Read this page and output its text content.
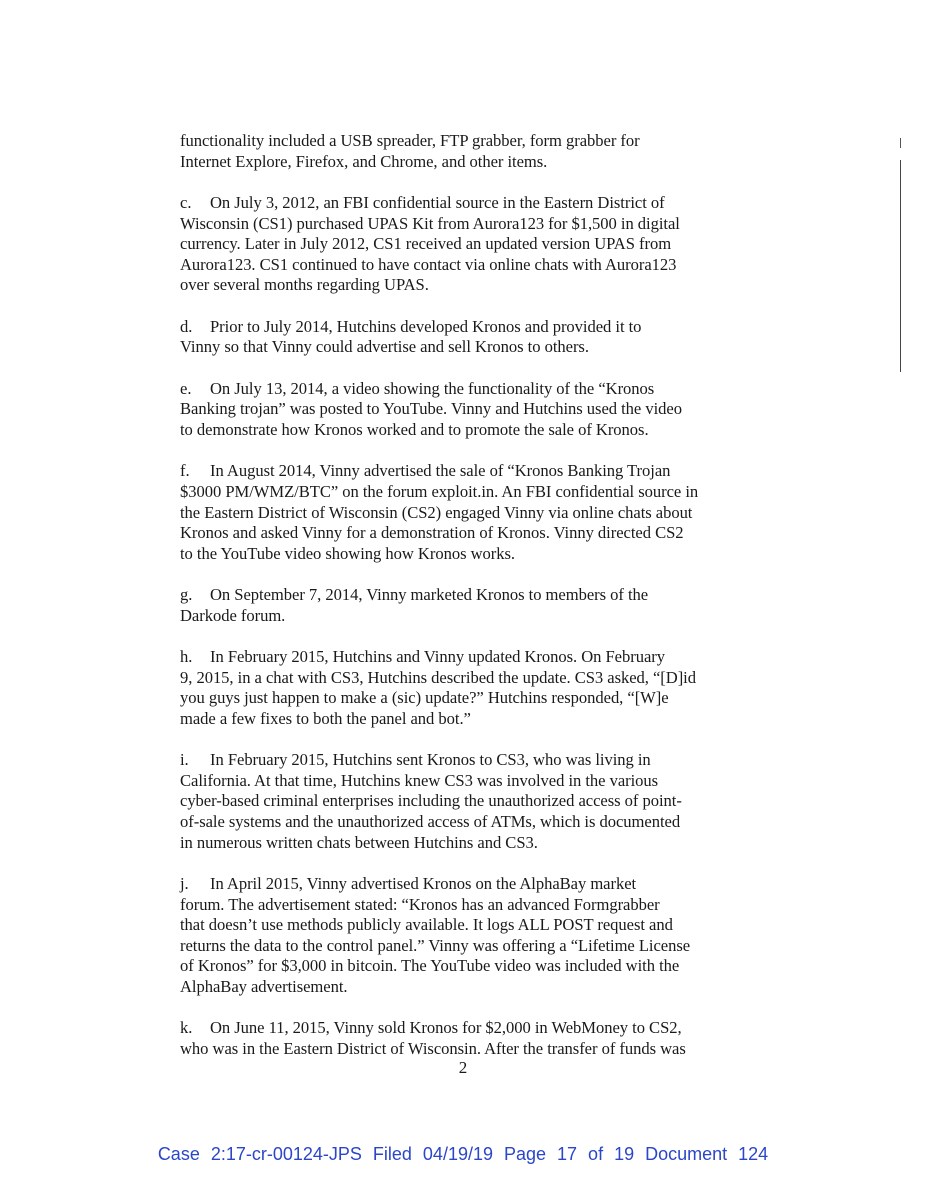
functionality included a USB spreader, FTP grabber, form grabber for
Internet Explore, Firefox, and Chrome, and other items.

c. On July 3, 2012, an FBI confidential source in the Eastern District of
Wisconsin (CS1) purchased UPAS Kit from Aurora123 for $1,500 in digital
currency. Later in July 2012, CS1 received an updated version UPAS from
Aurora123. CS1 continued to have contact via online chats with Aurora123
over several months regarding UPAS.

d. Prior to July 2014, Hutchins developed Kronos and provided it to
Vinny so that Vinny could advertise and sell Kronos to others.

e. On July 13, 2014, a video showing the functionality of the “Kronos
Banking trojan” was posted to YouTube. Vinny and Hutchins used the video
to demonstrate how Kronos worked and to promote the sale of Kronos.

f. In August 2014, Vinny advertised the sale of “Kronos Banking Trojan
$3000 PM/WMZ/BTC” on the forum exploit.in. An FBI confidential source in
the Eastern District of Wisconsin (CS2) engaged Vinny via online chats about
Kronos and asked Vinny for a demonstration of Kronos. Vinny directed CS2
to the YouTube video showing how Kronos works.

g. On September 7, 2014, Vinny marketed Kronos to members of the
Darkode forum.

h. In February 2015, Hutchins and Vinny updated Kronos. On February
9, 2015, in a chat with CS3, Hutchins described the update. CS3 asked, “[D]id
you guys just happen to make a (sic) update?” Hutchins responded, “[W]e
made a few fixes to both the panel and bot.”

i. In February 2015, Hutchins sent Kronos to CS3, who was living in
California. At that time, Hutchins knew CS3 was involved in the various
cyber-based criminal enterprises including the unauthorized access of point-
of-sale systems and the unauthorized access of ATMs, which is documented
in numerous written chats between Hutchins and CS3.

j. In April 2015, Vinny advertised Kronos on the AlphaBay market
forum. The advertisement stated: “Kronos has an advanced Formgrabber
that doesn’t use methods publicly available. It logs ALL POST request and
returns the data to the control panel.” Vinny was offering a “Lifetime License
of Kronos” for $3,000 in bitcoin. The YouTube video was included with the
AlphaBay advertisement.

k. On June 11, 2015, Vinny sold Kronos for $2,000 in WebMoney to CS2,
who was in the Eastern District of Wisconsin. After the transfer of funds was

2
Case 2:17-cr-00124-JPS Filed 04/19/19 Page 17 of 19 Document 124
